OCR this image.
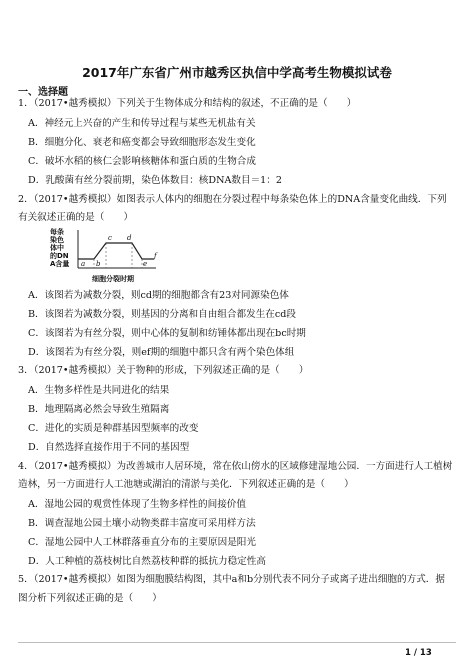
2017年广东省广州市越秀区执信中学高考生物模拟试卷
一、选择题
1．（2017•越秀模拟）下列关于生物体成分和结构的叙述，不正确的是（　　）
A．神经元上兴奋的产生和传导过程与某些无机盐有关
B．细胞分化、衰老和癌变都会导致细胞形态发生变化
C．破坏水稻的核仁会影响核糖体和蛋白质的生物合成
D．乳酸菌有丝分裂前期，染色体数目：核DNA数目＝1：2
2．（2017•越秀模拟）如图表示人体内的细胞在分裂过程中每条染色体上的DNA含量变化曲线．下列
有关叙述正确的是（　　）
每条染色体中的DNA含量 a b
c d
e
f
细胞分裂时期
A．该图若为减数分裂，则cd期的细胞都含有23对同源染色体
B．该图若为减数分裂，则基因的分离和自由组合都发生在cd段
C．该图若为有丝分裂，则中心体的复制和纺锤体都出现在bc时期
D．该图若为有丝分裂，则ef期的细胞中都只含有两个染色体组
3．（2017•越秀模拟）关于物种的形成，下列叙述正确的是（　　）
A．生物多样性是共同进化的结果
B．地理隔离必然会导致生殖隔离
C．进化的实质是种群基因型频率的改变
D．自然选择直接作用于不同的基因型
4．（2017•越秀模拟）为改善城市人居环境，常在依山傍水的区域修建湿地公园．一方面进行人工植树
造林，另一方面进行人工池塘或湖泊的清淤与美化．下列叙述正确的是（　　）
A．湿地公园的观赏性体现了生物多样性的间接价值
B．调查湿地公园土壤小动物类群丰富度可采用样方法
C．湿地公园中人工林群落垂直分布的主要原因是阳光
D．人工种植的荔枝树比自然荔枝种群的抵抗力稳定性高
5．（2017•越秀模拟）如图为细胞膜结构图，其中a和b分别代表不同分子或离子进出细胞的方式．据
图分析下列叙述正确的是（　　）
1 / 13
